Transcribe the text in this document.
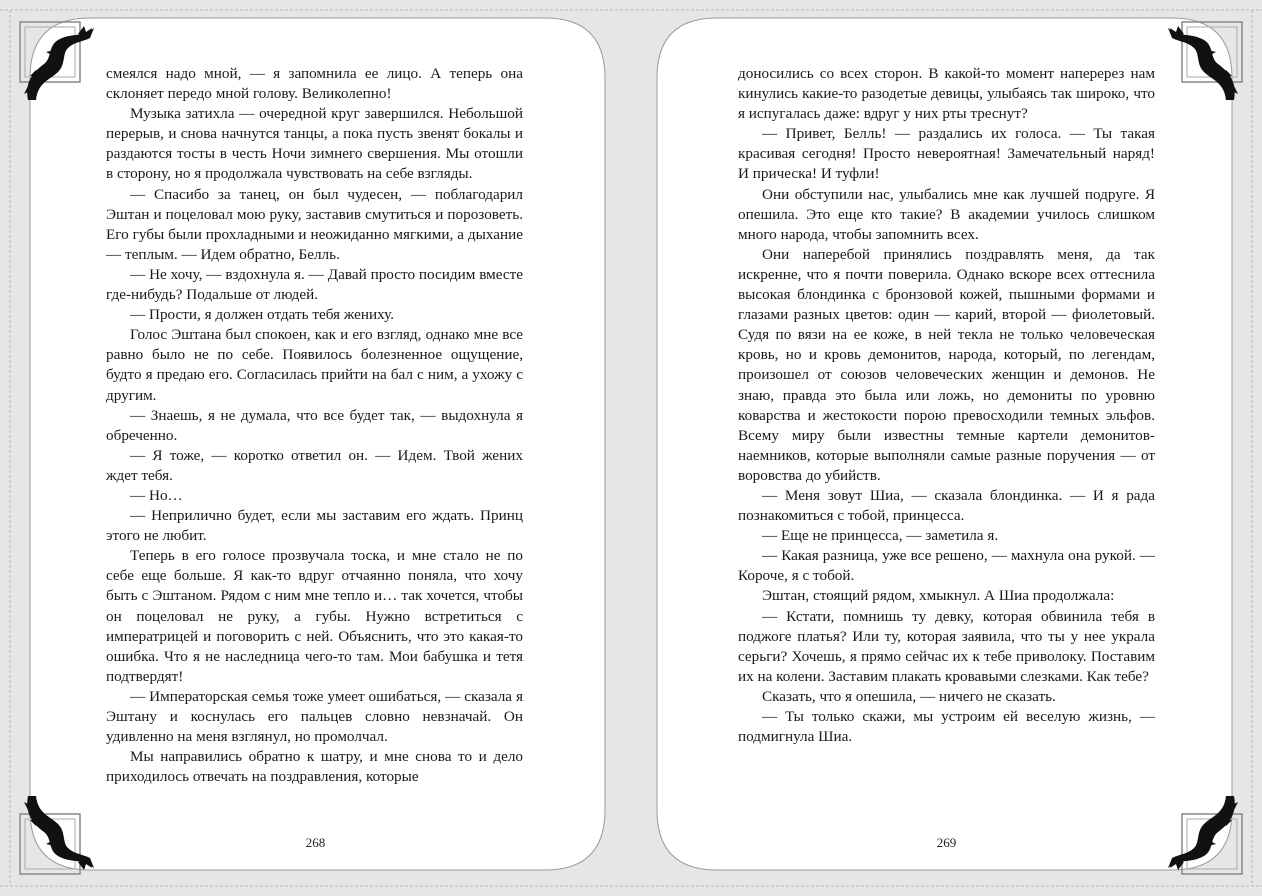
смеялся надо мной, — я запомнила ее лицо. А теперь она склоняет передо мной голову. Великолепно!

Музыка затихла — очередной круг завершился. Небольшой перерыв, и снова начнутся танцы, а пока пусть звенят бокалы и раздаются тосты в честь Ночи зимнего свершения. Мы отошли в сторону, но я продолжала чувствовать на себе взгляды.

— Спасибо за танец, он был чудесен, — поблагодарил Эштан и поцеловал мою руку, заставив смутиться и порозоветь. Его губы были прохладными и неожиданно мягкими, а дыхание — теплым. — Идем обратно, Белль.

— Не хочу, — вздохнула я. — Давай просто посидим вместе где-нибудь? Подальше от людей.

— Прости, я должен отдать тебя жениху.

Голос Эштана был спокоен, как и его взгляд, однако мне все равно было не по себе. Появилось болезненное ощущение, будто я предаю его. Согласилась прийти на бал с ним, а ухожу с другим.

— Знаешь, я не думала, что все будет так, — выдохнула я обреченно.

— Я тоже, — коротко ответил он. — Идем. Твой жених ждет тебя.

— Но…

— Неприлично будет, если мы заставим его ждать. Принц этого не любит.

Теперь в его голосе прозвучала тоска, и мне стало не по себе еще больше. Я как-то вдруг отчаянно поняла, что хочу быть с Эштаном. Рядом с ним мне тепло и… так хочется, чтобы он поцеловал не руку, а губы. Нужно встретиться с императрицей и поговорить с ней. Объяснить, что это какая-то ошибка. Что я не наследница чего-то там. Мои бабушка и тетя подтвердят!

— Императорская семья тоже умеет ошибаться, — сказала я Эштану и коснулась его пальцев словно невзначай. Он удивленно на меня взглянул, но промолчал.

Мы направились обратно к шатру, и мне снова то и дело приходилось отвечать на поздравления, которые

268

доносились со всех сторон. В какой-то момент наперерез нам кинулись какие-то разодетые девицы, улыбаясь так широко, что я испугалась даже: вдруг у них рты треснут?

— Привет, Белль! — раздались их голоса. — Ты такая красивая сегодня! Просто невероятная! Замечательный наряд! И прическа! И туфли!

Они обступили нас, улыбались мне как лучшей подруге. Я опешила. Это еще кто такие? В академии училось слишком много народа, чтобы запомнить всех.

Они наперебой принялись поздравлять меня, да так искренне, что я почти поверила. Однако вскоре всех оттеснила высокая блондинка с бронзовой кожей, пышными формами и глазами разных цветов: один — карий, второй — фиолетовый. Судя по вязи на ее коже, в ней текла не только человеческая кровь, но и кровь демонитов, народа, который, по легендам, произошел от союзов человеческих женщин и демонов. Не знаю, правда это была или ложь, но демониты по уровню коварства и жестокости порою превосходили темных эльфов. Всему миру были известны темные картели демонитов-наемников, которые выполняли самые разные поручения — от воровства до убийств.

— Меня зовут Шиа, — сказала блондинка. — И я рада познакомиться с тобой, принцесса.

— Еще не принцесса, — заметила я.

— Какая разница, уже все решено, — махнула она рукой. — Короче, я с тобой.

Эштан, стоящий рядом, хмыкнул. А Шиа продолжала:

— Кстати, помнишь ту девку, которая обвинила тебя в поджоге платья? Или ту, которая заявила, что ты у нее украла серьги? Хочешь, я прямо сейчас их к тебе приволоку. Поставим их на колени. Заставим плакать кровавыми слезками. Как тебе?

Сказать, что я опешила, — ничего не сказать.

— Ты только скажи, мы устроим ей веселую жизнь, — подмигнула Шиа.

269
